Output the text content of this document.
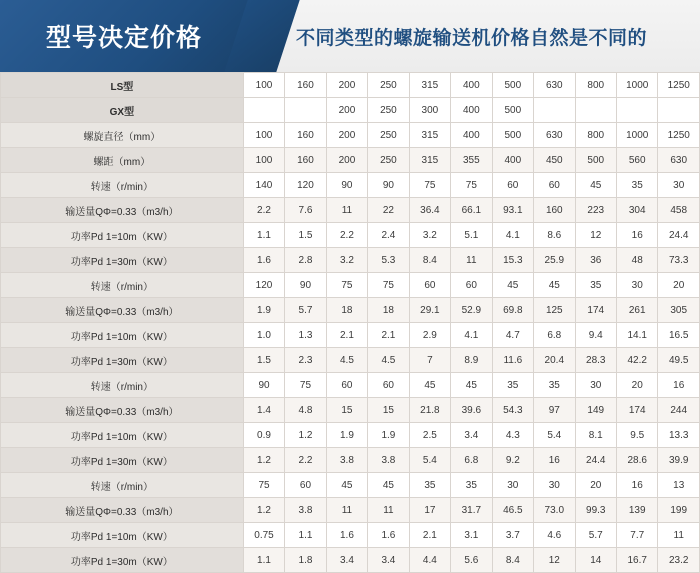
型号决定价格	不同类型的螺旋输送机价格自然是不同的
LS型	100	160	200	250	315	400	500	630	800	1000	1250
GX型			200	250	300	400	500				
螺旋直径（mm）	100	160	200	250	315	400	500	630	800	1000	1250
螺距（mm）	100	160	200	250	315	355	400	450	500	560	630
转速（r/min）	140	120	90	90	75	75	60	60	45	35	30
输送量QΦ=0.33（m3/h）	2.2	7.6	11	22	36.4	66.1	93.1	160	223	304	458
功率Pd 1=10m（KW）	1.1	1.5	2.2	2.4	3.2	5.1	4.1	8.6	12	16	24.4
功率Pd 1=30m（KW）	1.6	2.8	3.2	5.3	8.4	11	15.3	25.9	36	48	73.3
转速（r/min）	120	90	75	75	60	60	45	45	35	30	20
输送量QΦ=0.33（m3/h）	1.9	5.7	18	18	29.1	52.9	69.8	125	174	261	305
功率Pd 1=10m（KW）	1.0	1.3	2.1	2.1	2.9	4.1	4.7	6.8	9.4	14.1	16.5
功率Pd 1=30m（KW）	1.5	2.3	4.5	4.5	7	8.9	11.6	20.4	28.3	42.2	49.5
转速（r/min）	90	75	60	60	45	45	35	35	30	20	16
输送量QΦ=0.33（m3/h）	1.4	4.8	15	15	21.8	39.6	54.3	97	149	174	244
功率Pd 1=10m（KW）	0.9	1.2	1.9	1.9	2.5	3.4	4.3	5.4	8.1	9.5	13.3
功率Pd 1=30m（KW）	1.2	2.2	3.8	3.8	5.4	6.8	9.2	16	24.4	28.6	39.9
转速（r/min）	75	60	45	45	35	35	30	30	20	16	13
输送量QΦ=0.33（m3/h）	1.2	3.8	11	11	17	31.7	46.5	73.0	99.3	139	199
功率Pd 1=10m（KW）	0.75	1.1	1.6	1.6	2.1	3.1	3.7	4.6	5.7	7.7	11
功率Pd 1=30m（KW）	1.1	1.8	3.4	3.4	4.4	5.6	8.4	12	14	16.7	23.2
